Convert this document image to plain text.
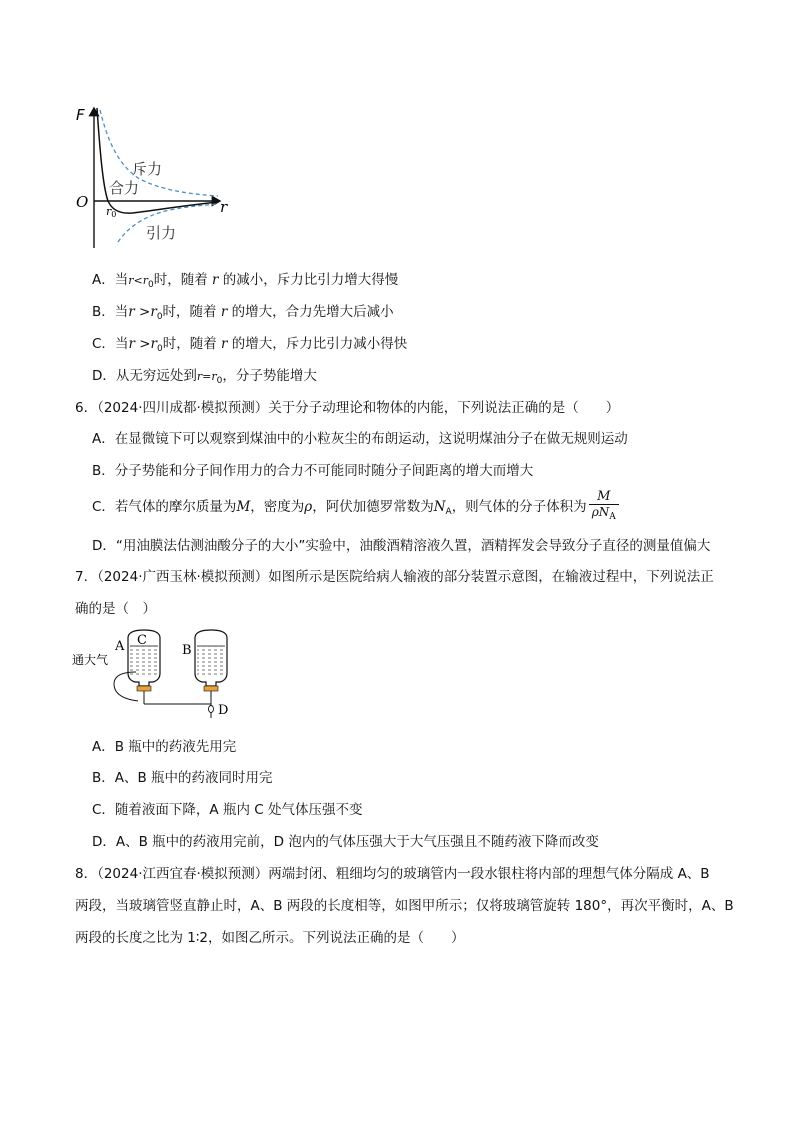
F
O	r
r0
斥力
合力
引力
A．当$r<r_0$时，随着 r 的减小，斥力比引力增大得慢
B．当$r >r_0$时，随着 r 的增大，合力先增大后减小
C．当$r >r_0$时，随着 r 的增大，斥力比引力减小得快
D．从无穷远处到$r=r_0$，分子势能增大
6．（2024·四川成都·模拟预测）关于分子动理论和物体的内能，下列说法正确的是（　　）
A．在显微镜下可以观察到煤油中的小粒灰尘的布朗运动，这说明煤油分子在做无规则运动
B．分子势能和分子间作用力的合力不可能同时随分子间距离的增大而增大
C．若气体的摩尔质量为M，密度为ρ，阿伏加德罗常数为$N_A$，则气体的分子体积为 $\frac{M}{\rho N_A}$
D．“用油膜法估测油酸分子的大小”实验中，油酸酒精溶液久置，酒精挥发会导致分子直径的测量值偏大
7．（2024·广西玉林·模拟预测）如图所示是医院给病人输液的部分装置示意图，在输液过程中，下列说法正
确的是（　）
通大气
A C
B
D
A．B 瓶中的药液先用完
B．A、B 瓶中的药液同时用完
C．随着液面下降，A 瓶内 C 处气体压强不变
D．A、B 瓶中的药液用完前，D 泡内的气体压强大于大气压强且不随药液下降而改变
8．（2024·江西宜春·模拟预测）两端封闭、粗细均匀的玻璃管内一段水银柱将内部的理想气体分隔成 A、B
两段，当玻璃管竖直静止时，A、B 两段的长度相等，如图甲所示；仅将玻璃管旋转 180°，再次平衡时，A、B
两段的长度之比为 1∶2，如图乙所示。下列说法正确的是（　　）
